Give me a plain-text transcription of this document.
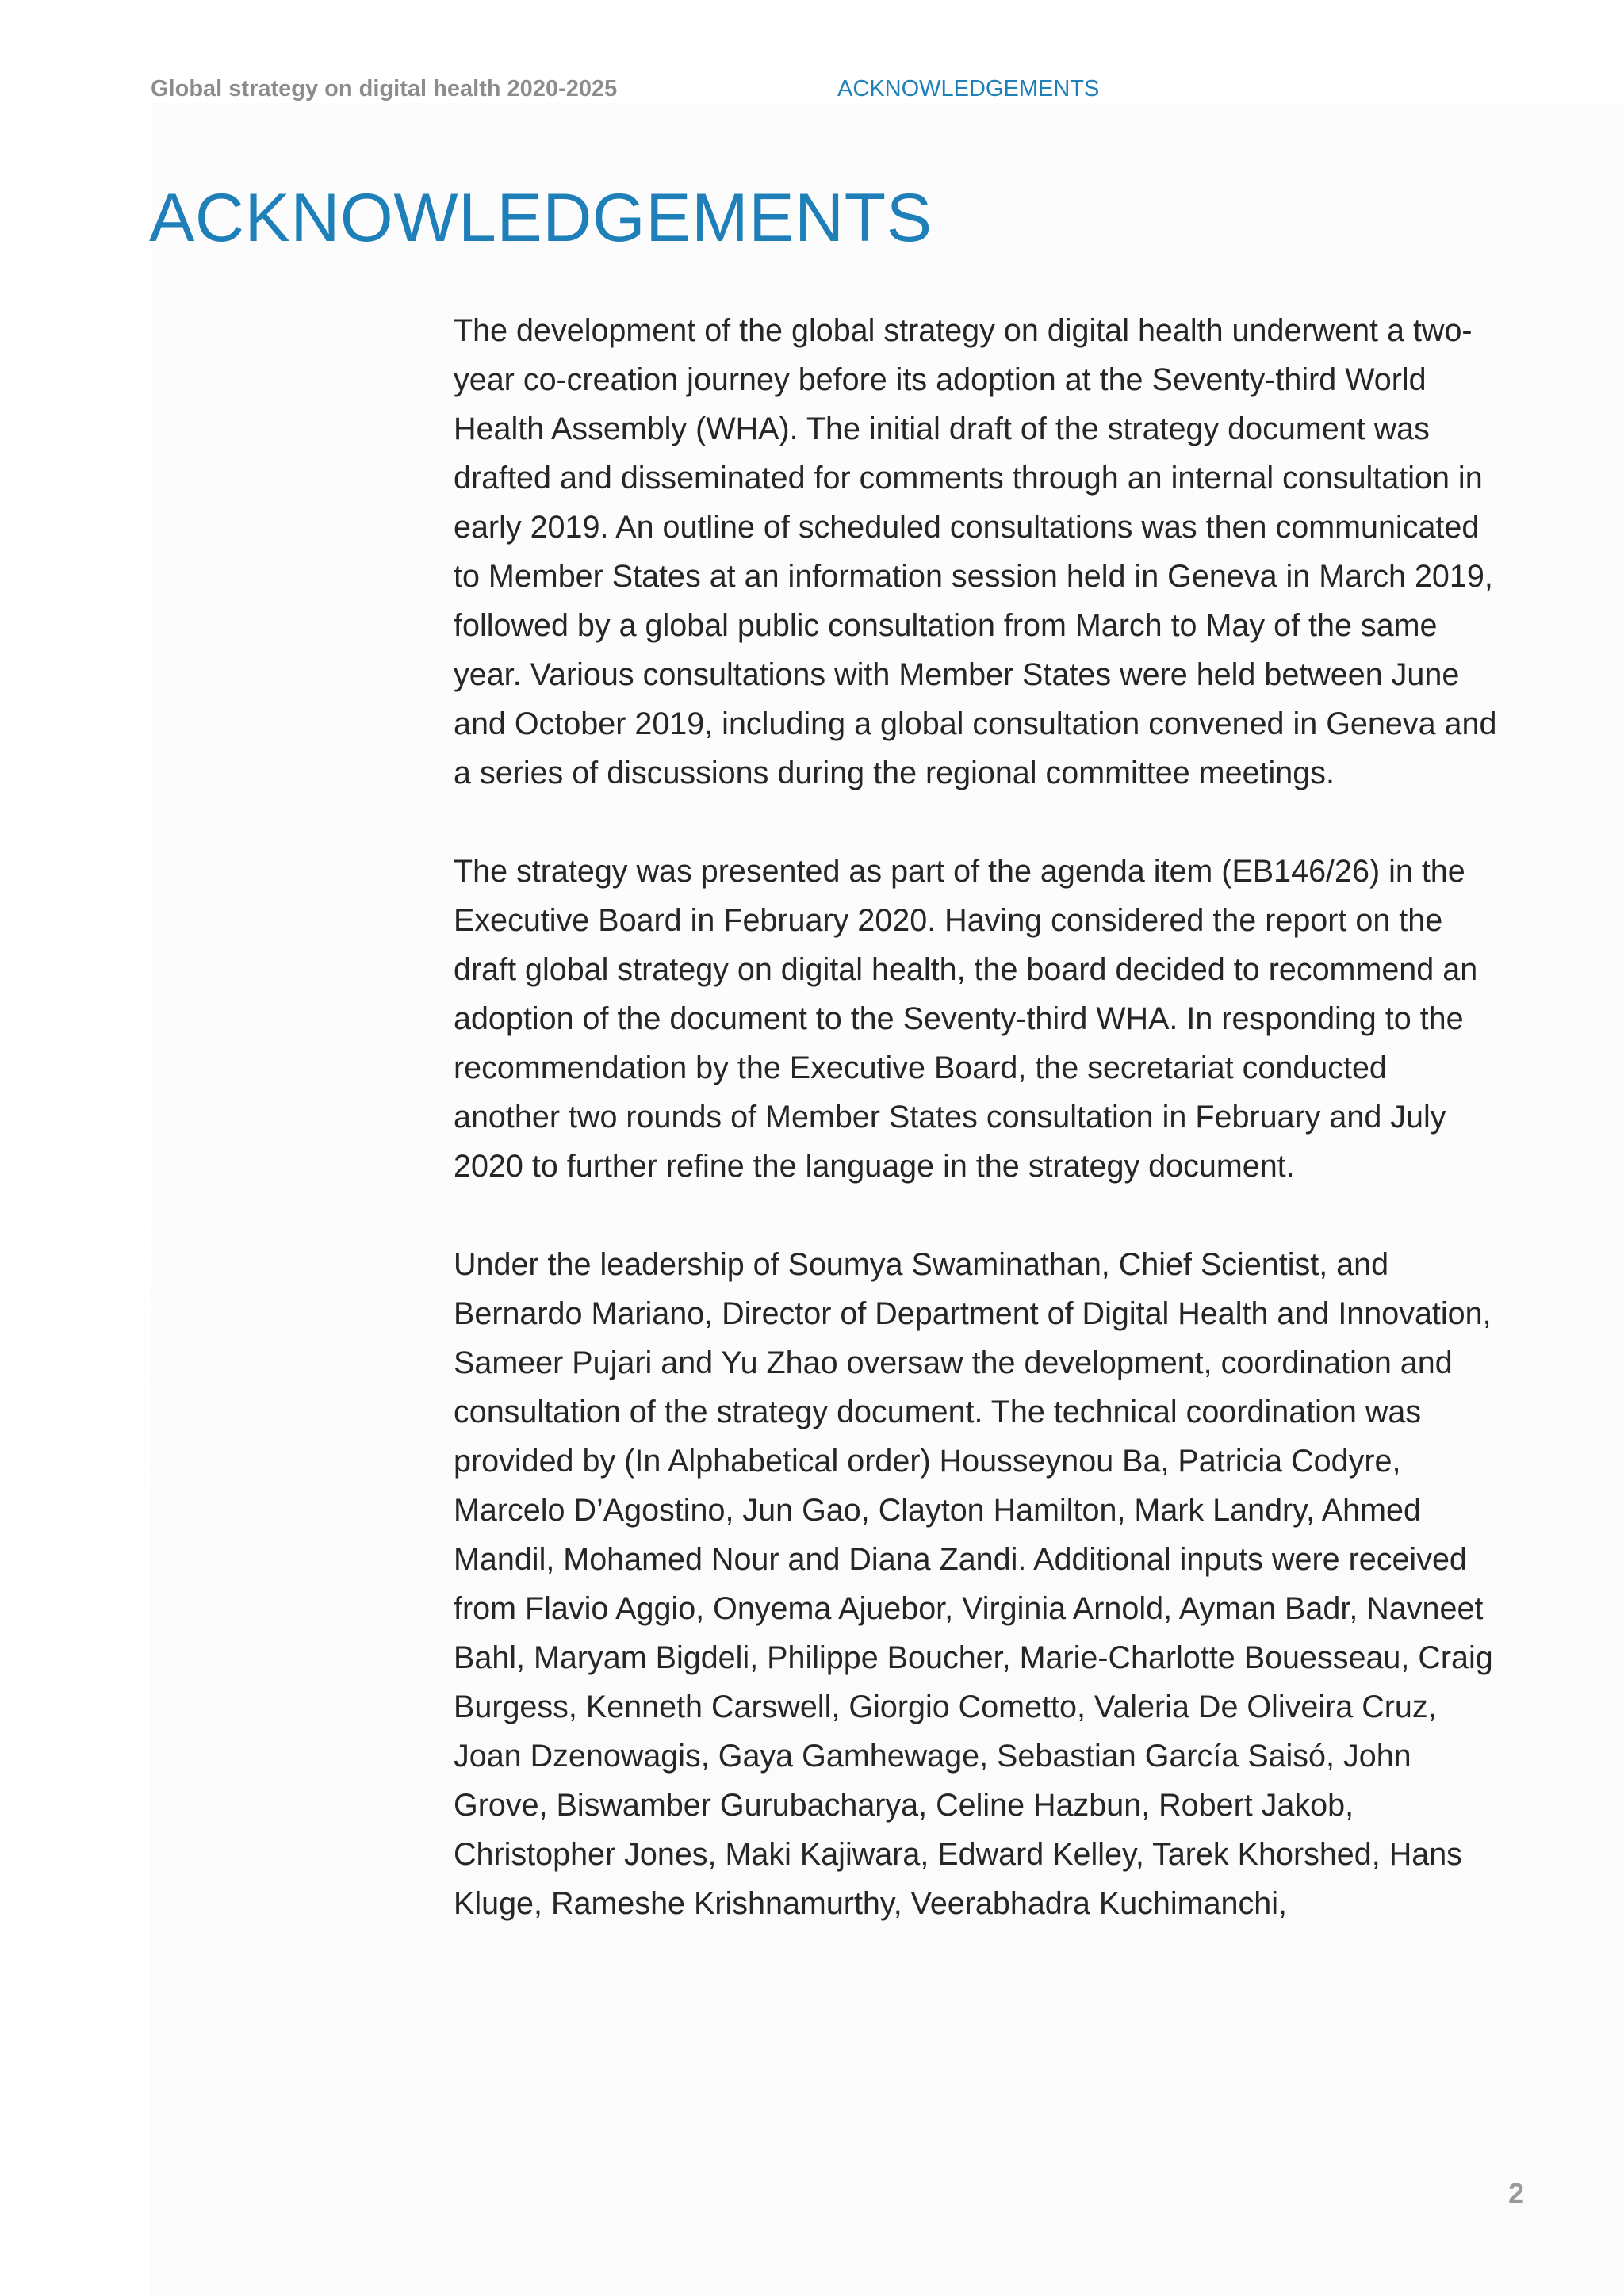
Global strategy on digital health 2020-2025	ACKNOWLEDGEMENTS
ACKNOWLEDGEMENTS

The development of the global strategy on digital health underwent a two-year co-creation journey before its adoption at the Seventy-third World Health Assembly (WHA). The initial draft of the strategy document was drafted and disseminated for comments through an internal consultation in early 2019. An outline of scheduled consultations was then communicated to Member States at an information session held in Geneva in March 2019, followed by a global public consultation from March to May of the same year. Various consultations with Member States were held between June and October 2019, including a global consultation convened in Geneva and a series of discussions during the regional committee meetings.

The strategy was presented as part of the agenda item (EB146/26) in the Executive Board in February 2020. Having considered the report on the draft global strategy on digital health, the board decided to recommend an adoption of the document to the Seventy-third WHA. In responding to the recommendation by the Executive Board, the secretariat conducted another two rounds of Member States consultation in February and July 2020 to further refine the language in the strategy document.

Under the leadership of Soumya Swaminathan, Chief Scientist, and Bernardo Mariano, Director of Department of Digital Health and Innovation, Sameer Pujari and Yu Zhao oversaw the development, coordination and consultation of the strategy document. The technical coordination was provided by (In Alphabetical order) Housseynou Ba, Patricia Codyre, Marcelo D’Agostino, Jun Gao, Clayton Hamilton, Mark Landry, Ahmed Mandil, Mohamed Nour and Diana Zandi. Additional inputs were received from Flavio Aggio, Onyema Ajuebor, Virginia Arnold, Ayman Badr, Navneet Bahl, Maryam Bigdeli, Philippe Boucher, Marie-Charlotte Bouesseau, Craig Burgess, Kenneth Carswell, Giorgio Cometto, Valeria De Oliveira Cruz, Joan Dzenowagis, Gaya Gamhewage, Sebastian García Saisó, John Grove, Biswamber Gurubacharya, Celine Hazbun, Robert Jakob, Christopher Jones, Maki Kajiwara, Edward Kelley, Tarek Khorshed, Hans Kluge, Rameshe Krishnamurthy, Veerabhadra Kuchimanchi,

2
